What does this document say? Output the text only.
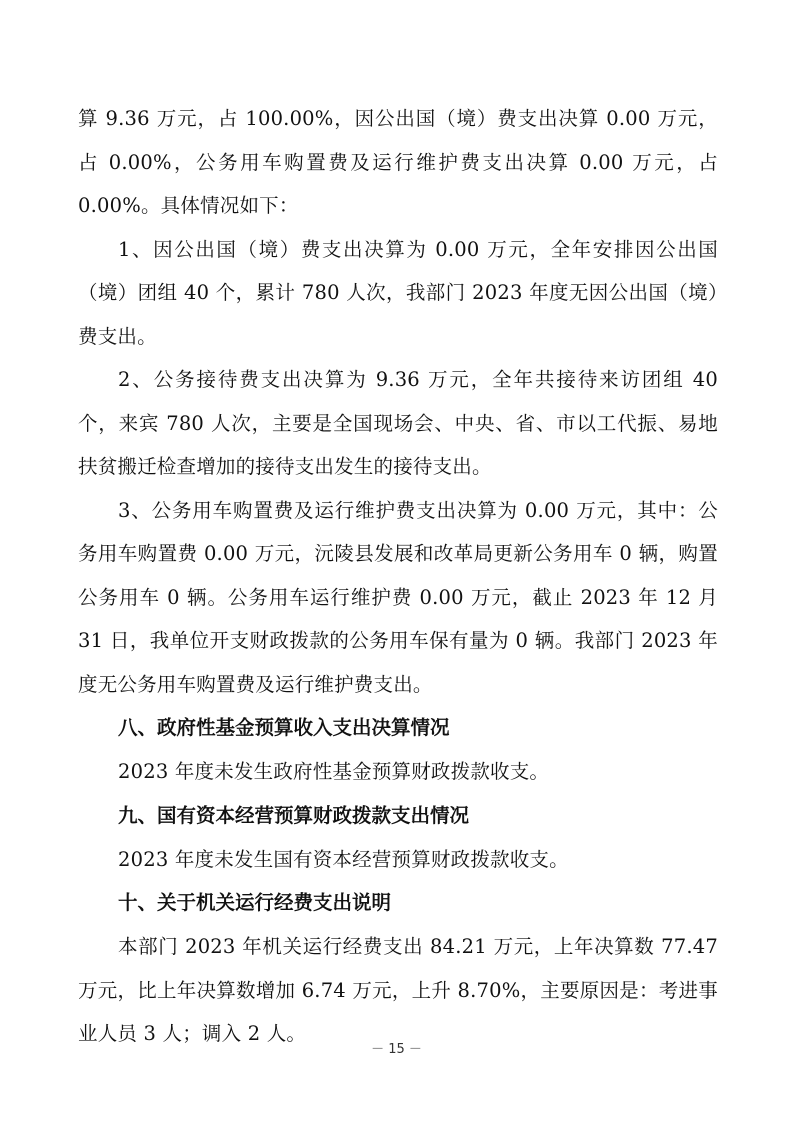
算 9.36 万元，占 100.00%，因公出国（境）费支出决算 0.00 万元，占 0.00%，公务用车购置费及运行维护费支出决算 0.00 万元，占 0.00%。具体情况如下：

1、因公出国（境）费支出决算为 0.00 万元，全年安排因公出国（境）团组 40 个，累计 780 人次，我部门 2023 年度无因公出国（境）费支出。

2、公务接待费支出决算为 9.36 万元，全年共接待来访团组 40 个，来宾 780 人次，主要是全国现场会、中央、省、市以工代振、易地扶贫搬迁检查增加的接待支出发生的接待支出。

3、公务用车购置费及运行维护费支出决算为 0.00 万元，其中：公务用车购置费 0.00 万元，沅陵县发展和改革局更新公务用车 0 辆，购置公务用车 0 辆。公务用车运行维护费 0.00 万元，截止 2023 年 12 月 31 日，我单位开支财政拨款的公务用车保有量为 0 辆。我部门 2023 年度无公务用车购置费及运行维护费支出。

八、政府性基金预算收入支出决算情况

2023 年度未发生政府性基金预算财政拨款收支。

九、国有资本经营预算财政拨款支出情况

2023 年度未发生国有资本经营预算财政拨款收支。

十、关于机关运行经费支出说明

本部门 2023 年机关运行经费支出 84.21 万元，上年决算数 77.47 万元，比上年决算数增加 6.74 万元，上升 8.70%，主要原因是：考进事业人员 3 人；调入 2 人。

－ 15 －
